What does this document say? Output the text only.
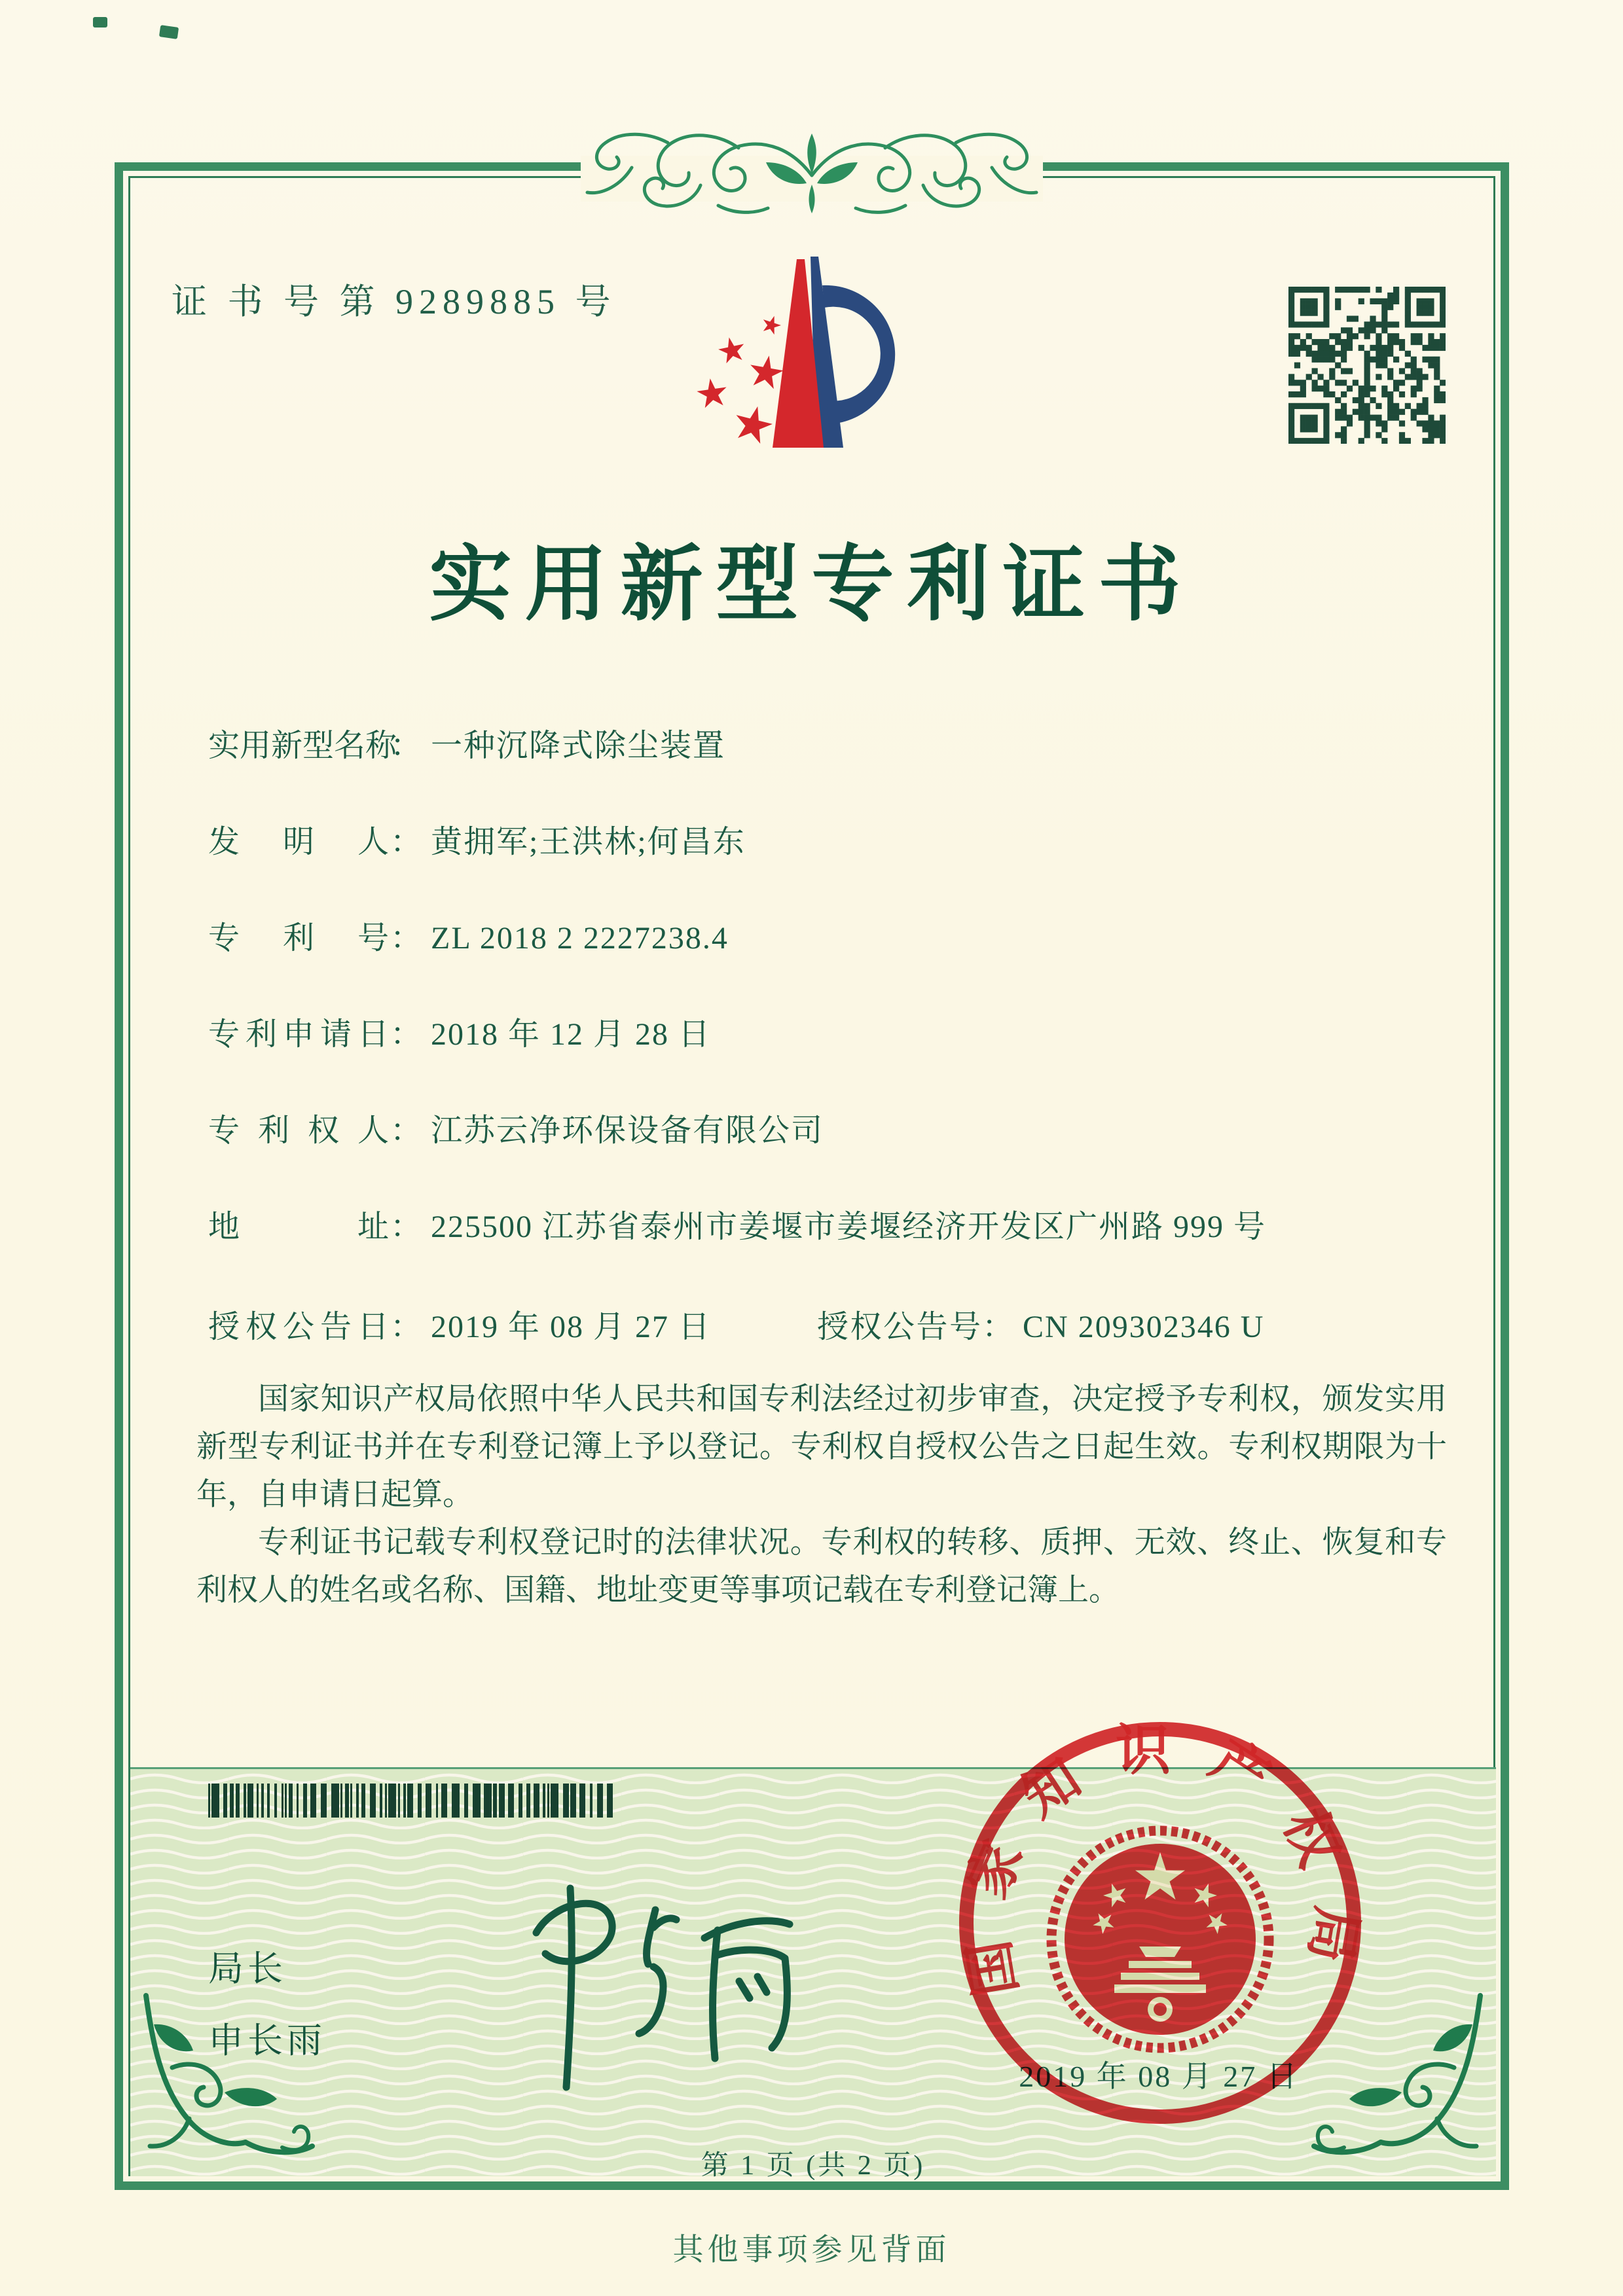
证 书 号 第 9289885 号
实用新型专利证书
实用新型名称： 一种沉降式除尘装置
发明人： 黄拥军;王洪林;何昌东
专利号： ZL 2018 2 2227238.4
专利申请日： 2018 年 12 月 28 日
专利权人： 江苏云净环保设备有限公司
地址： 225500 江苏省泰州市姜堰市姜堰经济开发区广州路 999 号
授权公告日： 2019 年 08 月 27 日	授权公告号： CN 209302346 U

国家知识产权局依照中华人民共和国专利法经过初步审查，决定授予专利权，颁发实用新型专利证书并在专利登记簿上予以登记。专利权自授权公告之日起生效。专利权期限为十年，自申请日起算。

专利证书记载专利权登记时的法律状况。专利权的转移、质押、无效、终止、恢复和专利权人的姓名或名称、国籍、地址变更等事项记载在专利登记簿上。

局长
申长雨
第 1 页 (共 2 页)
2019 年 08 月 27 日
国家知识产权局
其他事项参见背面
